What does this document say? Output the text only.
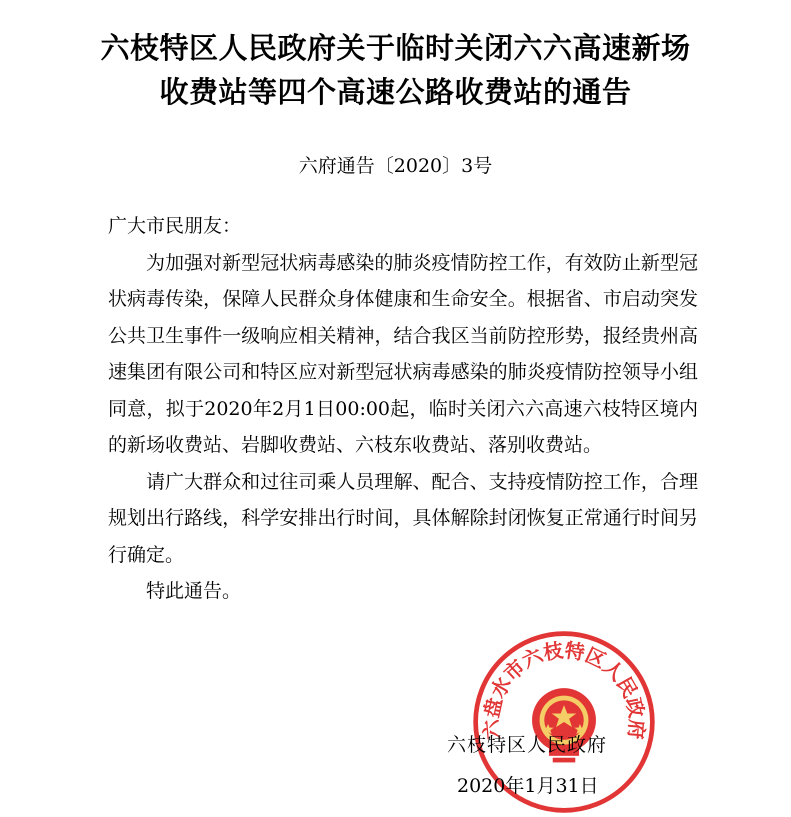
六枝特区人民政府关于临时关闭六六高速新场
收费站等四个高速公路收费站的通告
六府通告〔2020〕3号

广大市民朋友：

为加强对新型冠状病毒感染的肺炎疫情防控工作，有效防止新型冠状病毒传染，保障人民群众身体健康和生命安全。根据省、市启动突发公共卫生事件一级响应相关精神，结合我区当前防控形势，报经贵州高速集团有限公司和特区应对新型冠状病毒感染的肺炎疫情防控领导小组同意，拟于2020年2月1日00:00起，临时关闭六六高速六枝特区境内的新场收费站、岩脚收费站、六枝东收费站、落别收费站。

请广大群众和过往司乘人员理解、配合、支持疫情防控工作，合理规划出行路线，科学安排出行时间，具体解除封闭恢复正常通行时间另行确定。

特此通告。

六盘水市六枝特区人民政府
六枝特区人民政府
2020年1月31日
